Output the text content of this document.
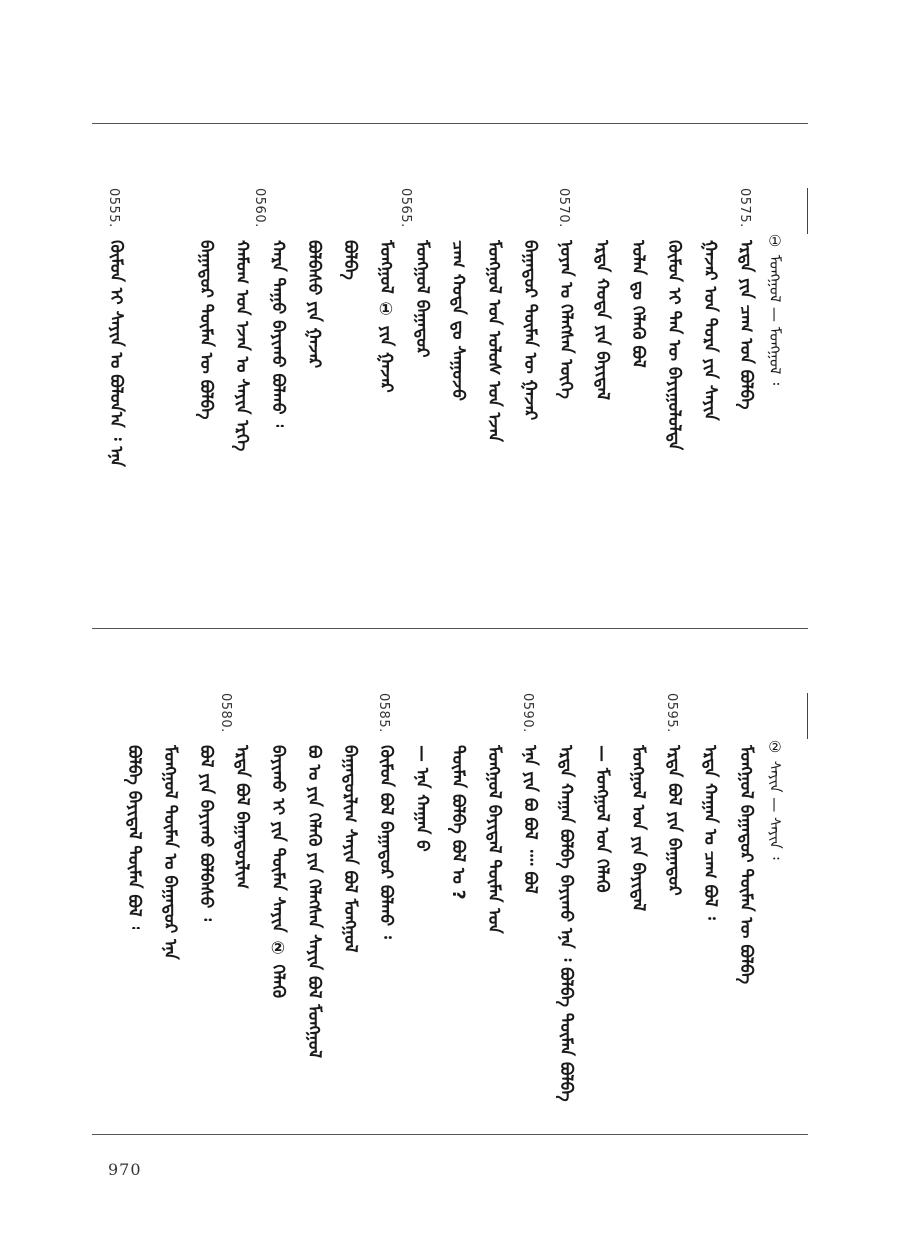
① ᠮᠣᠩᠭᠣᠯ — ᠮᠣᠩᠭᠣᠯ ᠄
0575.
0570.
0565.
0560.
0555.
ᠡᠷᠲᠡ ᠶᠢᠨ ᠴᠠᠭ ᠤᠨ ᠪᠣᠯᠪᠠ
ᠭᠠᠵᠠᠷ ᠤᠨ ᠳᠣᠷᠠ ᠶᠢᠨ ᠰᠠᠶᠢᠨ
ᠬᠥᠮᠦᠨ ᠢ ᠲᠡᠨ ᠦ ᠪᠠᠶᠢᠭᠤᠯᠤᠯᠲᠠ
ᠣᠯᠠᠨ ᠳᠤ ᠬᠡᠯᠡᠬᠦ ᠪᠣᠯ
ᠡᠷᠲᠡ ᠬᠣᠲᠠ ᠶᠢᠨ ᠪᠠᠶᠢᠳᠠᠯ
ᠨᠣᠶᠠᠨ ᠤ ᠬᠡᠯᠡᠭᠰᠡᠨ ᠦᠭᠡ
ᠪᠠᠭᠠᠲᠤᠷ ᠲᠦᠮᠡᠨ ᠦ ᠭᠠᠵᠠᠷ
ᠮᠣᠩᠭᠣᠯ ᠤᠨ ᠤᠯᠤᠰ ᠤᠨ ᠡᠵᠡᠨ
ᠴᠠᠭ ᠬᠣᠲᠠ ᠳᠤ ᠰᠠᠭᠤᠵᠤ
ᠮᠣᠩᠭᠣᠯ ᠪᠠᠭᠠᠲᠤᠷ
ᠮᠣᠩᠭᠣᠯ ① ᠶᠢᠨ ᠭᠠᠵᠠᠷ
ᠪᠣᠯᠪᠠ
ᠪᠣᠯᠪᠠᠰᠤ ᠶᠢᠨ ᠭᠠᠵᠠᠷ
ᠬᠠᠷᠠ ᠳᠠᠭᠤ ᠪᠠᠶᠢᠬᠤ ᠪᠣᠯᠬᠤ ᠄
ᠬᠠᠮᠤᠭ ᠤᠨ ᠡᠵᠡᠨ ᠤ ᠰᠠᠶᠢᠨ ᠡᠷᠬᠡ
ᠪᠠᠭᠠᠲᠤᠷ ᠲᠦᠮᠡᠨ ᠦ ᠪᠣᠯᠪᠠ
ᠬᠦᠮᠦᠨ ᠢ ᠰᠠᠶᠢᠨ ᠤ ᠪᠣᠯᠤᠨ᠎ᠠ ᠄ ᠡᠨᠡ
② ᠰᠠᠶᠢᠨ — ᠰᠠᠶᠢᠨ ᠄
0595.
0590.
0585.
0580.
ᠮᠣᠩᠭᠣᠯ ᠪᠠᠭᠠᠲᠤᠷ ᠲᠦᠮᠡᠨ ᠦ ᠪᠣᠯᠪᠠ
ᠡᠷᠲᠡ ᠬᠠᠭᠠᠨ ᠤ ᠴᠠᠭ ᠪᠣᠯ ᠄
ᠡᠷᠲᠡ ᠪᠣᠯ ᠶᠢᠨ ᠪᠠᠭᠠᠲᠤᠷ
ᠮᠣᠩᠭᠣᠯ ᠤᠨ ᠶᠢᠨ ᠪᠠᠶᠢᠳᠠᠯ
— ᠮᠣᠩᠭᠣᠯ ᠤᠨ ᠬᠡᠯᠡᠬᠦ
ᠡᠷᠲᠡ ᠬᠠᠭᠠᠨ ᠪᠣᠯᠪᠠ ᠪᠠᠶᠢᠬᠤ ᠡᠨᠡ ᠄ ᠪᠣᠯᠪᠠ ᠲᠦᠮᠡᠨ ᠪᠣᠯᠪᠠ
ᠡᠨᠡ ᠶᠢᠨ ᠪᠣ ᠪᠣᠯ ᠁ ᠪᠣᠯ
ᠮᠣᠩᠭᠣᠯ ᠪᠠᠶᠢᠳᠠᠯ ᠲᠦᠮᠡᠨ ᠤᠨ
ᠲᠦᠮᠡᠨ ᠪᠣᠯᠪᠠ ᠪᠣᠯ ᠤ ?
— ᠡᠨᠡ ᠬᠠᠭᠠᠨ ᠪ
ᠬᠥᠮᠦᠨ ᠪᠣᠯ ᠪᠠᠭᠠᠲᠤᠷ ᠪᠣᠯᠬᠤ ᠄
ᠪᠠᠭᠠᠲᠤᠷᠯᠢᠭ ᠰᠠᠶᠢᠨ ᠪᠣᠯ ᠮᠣᠩᠭᠣᠯ
ᠪᠣ ᠤ ᠶᠢᠨ ᠬᠡᠯᠡᠬᠦ ᠶᠢᠨ ᠬᠡᠯᠡᠭᠰᠡᠨ ᠰᠠᠶᠢᠨ ᠪᠣᠯ ᠮᠣᠩᠭᠣᠯ
ᠪᠠᠶᠢᠬᠤ ᠢ ᠶᠢᠨ ᠲᠦᠮᠡᠨ ᠰᠠᠶᠢᠨ ② ᠬᠡᠯᠡᠬᠦ
ᠡᠷᠲᠡ ᠪᠣᠯ ᠪᠠᠭᠠᠲᠤᠷᠯᠢᠭ
ᠪᠣᠯ ᠶᠢᠨ ᠪᠠᠶᠢᠬᠤ ᠪᠣᠯᠪᠠᠰᠤ ᠄
ᠮᠣᠩᠭᠣᠯ ᠲᠦᠮᠡᠨ ᠤ ᠪᠠᠭᠠᠲᠤᠷ ᠡᠨᠡ
ᠪᠣᠯᠪᠠ ᠪᠠᠶᠢᠳᠠᠯ ᠲᠦᠮᠡᠨ ᠪᠣᠯ ᠄
970
